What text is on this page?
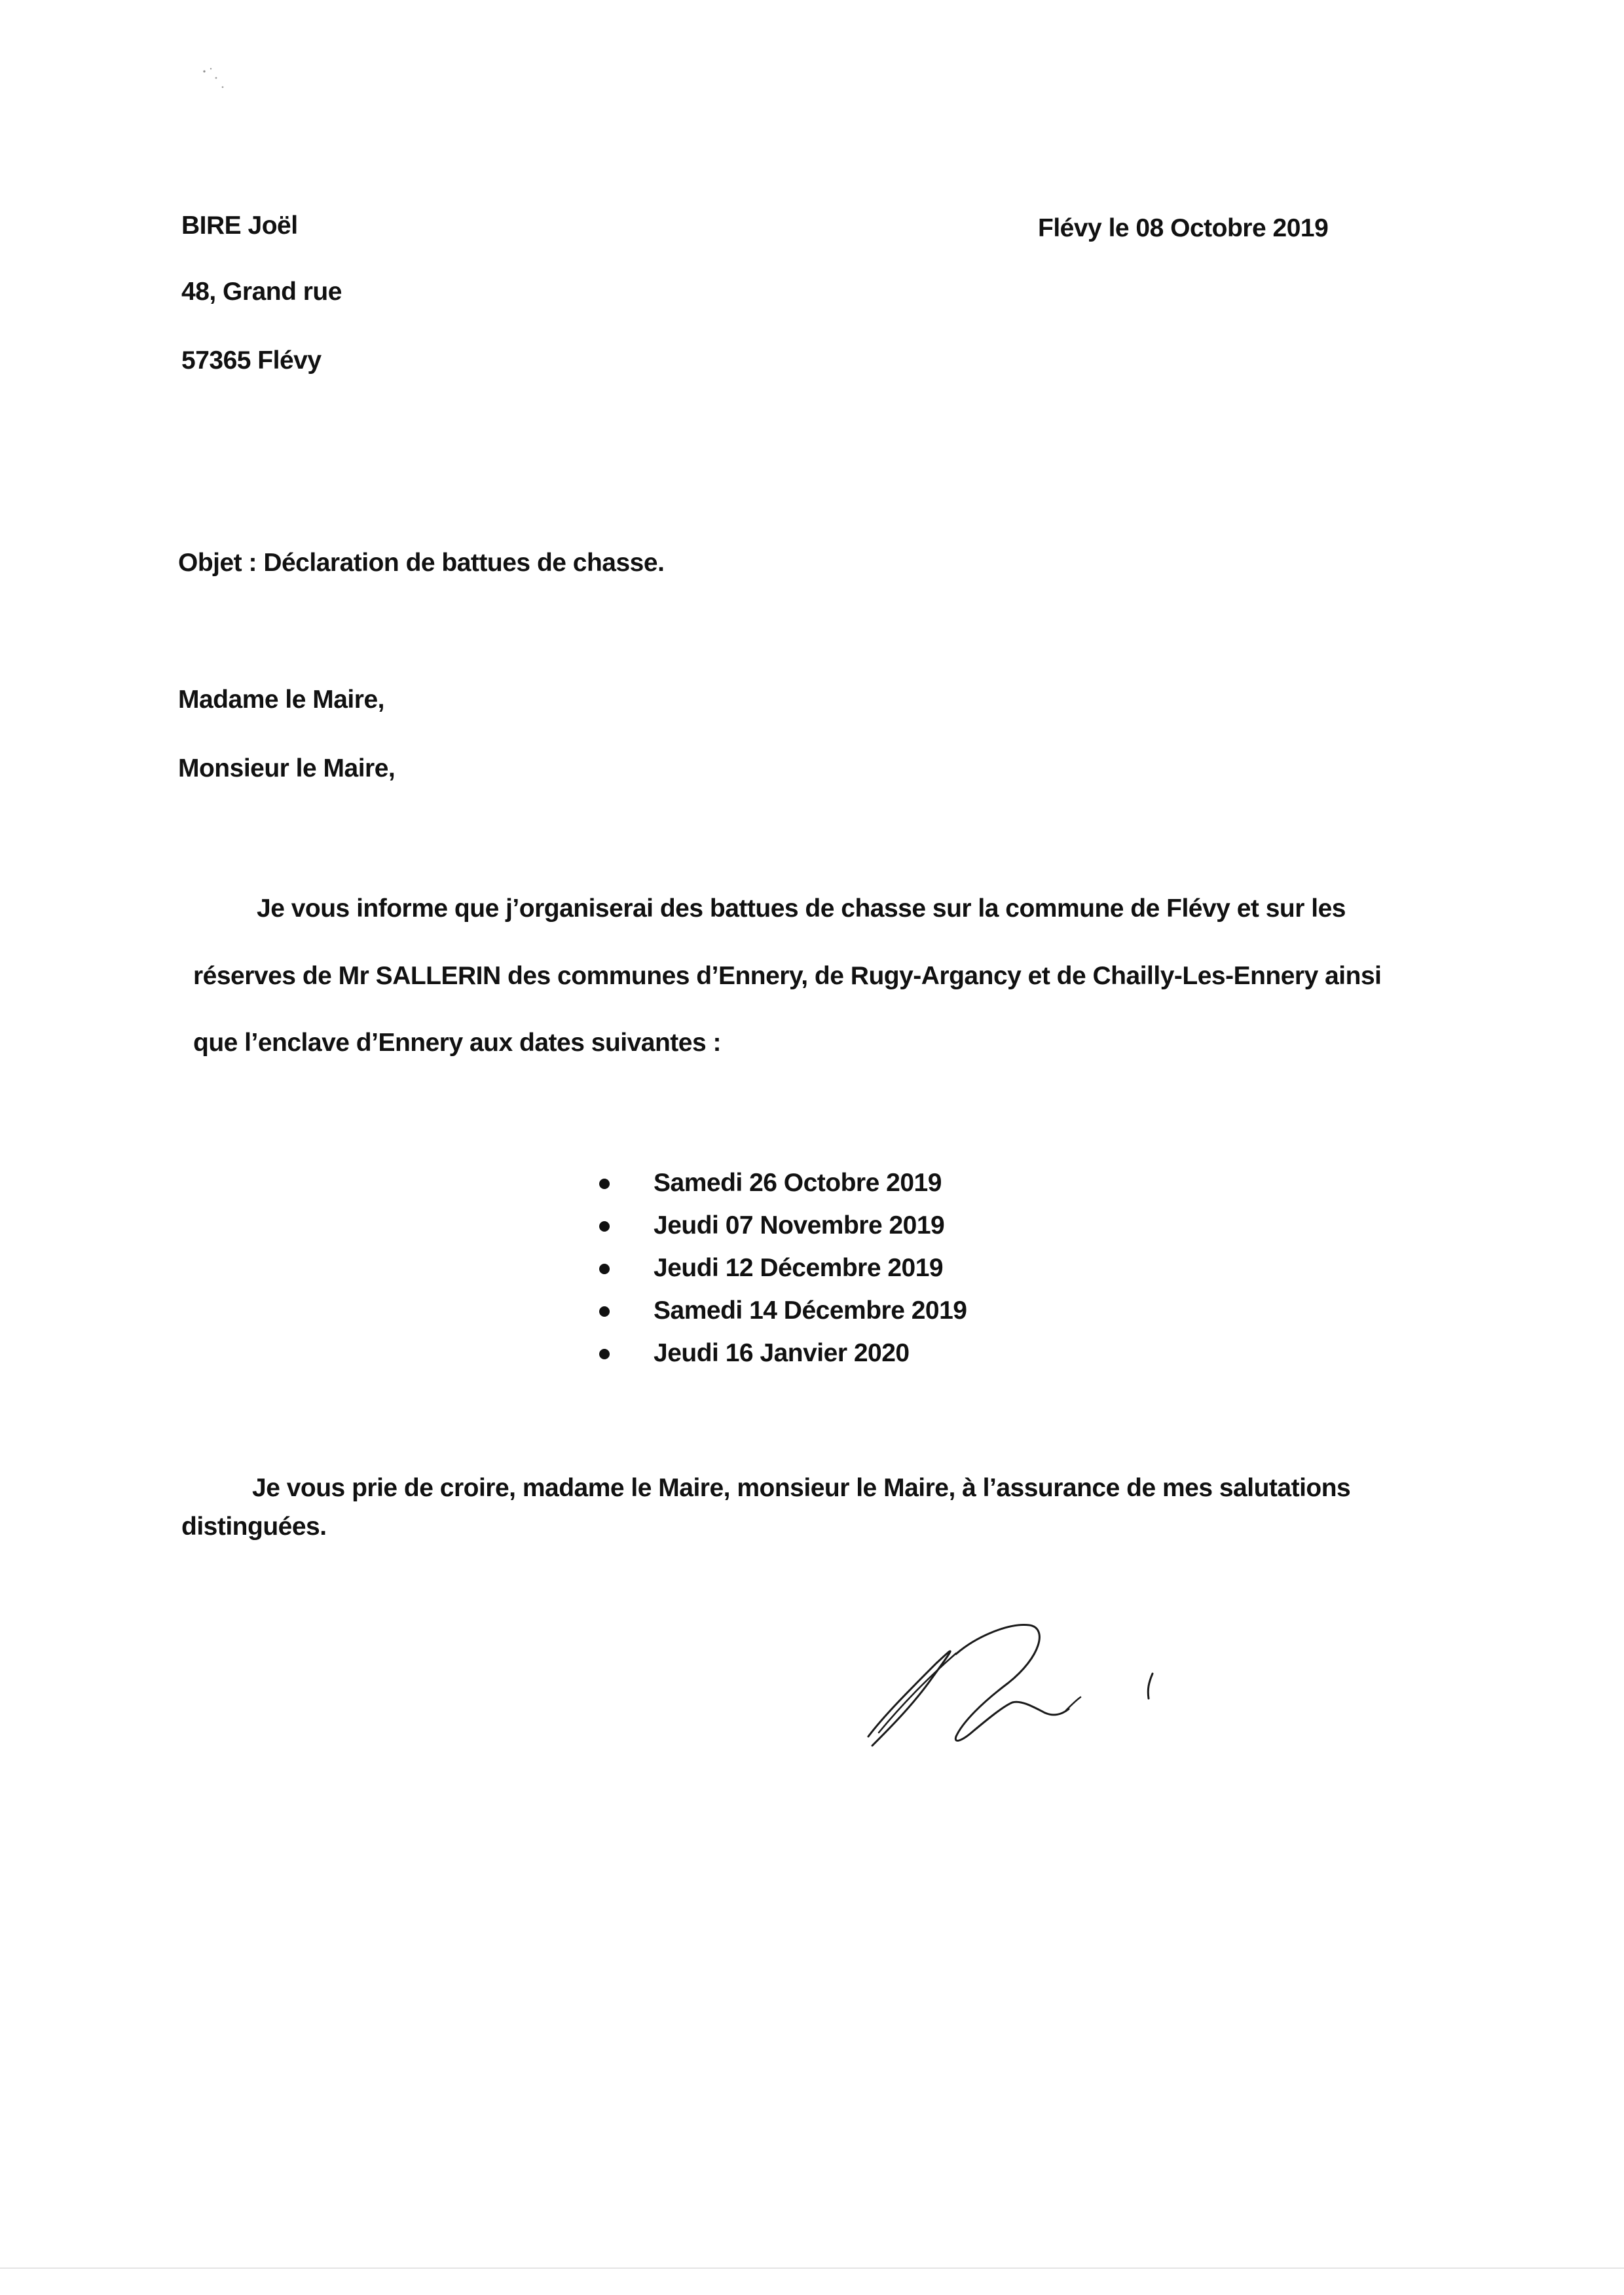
BIRE Joël
48, Grand rue
57365 Flévy
Flévy le 08 Octobre 2019
Objet : Déclaration de battues de chasse.
Madame le Maire,
Monsieur le Maire,
Je vous informe que j’organiserai des battues de chasse sur la commune de Flévy et sur les
réserves de Mr SALLERIN des communes d’Ennery, de Rugy-Argancy et de Chailly-Les-Ennery ainsi
que l’enclave d’Ennery aux dates suivantes :
Samedi 26 Octobre 2019
Jeudi 07 Novembre 2019
Jeudi 12 Décembre 2019
Samedi 14 Décembre 2019
Jeudi 16 Janvier 2020
Je vous prie de croire, madame le Maire, monsieur le Maire, à l’assurance de mes salutations
distinguées.
